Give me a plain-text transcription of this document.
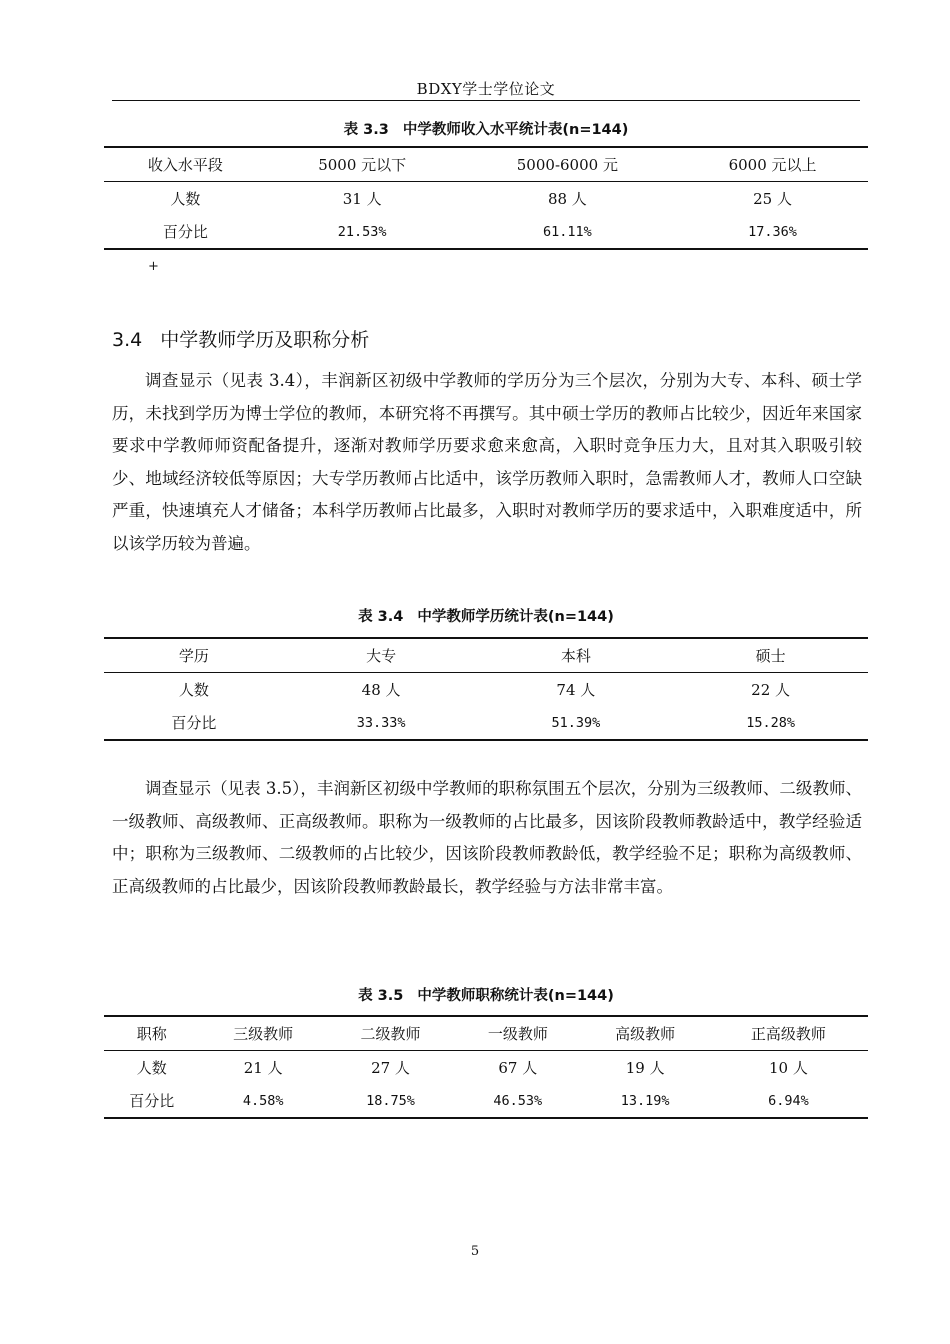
BDXY学士学位论文
表 3.3 中学教师收入水平统计表(n=144)
收入水平段	5000 元以下	5000-6000 元	6000 元以上
人数	31 人	88 人	25 人
百分比	21.53%	61.11%	17.36%
+
3.4 中学教师学历及职称分析

调查显示（见表 3.4），丰润新区初级中学教师的学历分为三个层次，分别为大专、本科、硕士学历，未找到学历为博士学位的教师，本研究将不再撰写。其中硕士学历的教师占比较少，因近年来国家要求中学教师师资配备提升，逐渐对教师学历要求愈来愈高，入职时竞争压力大，且对其入职吸引较少、地域经济较低等原因；大专学历教师占比适中，该学历教师入职时，急需教师人才，教师人口空缺严重，快速填充人才储备；本科学历教师占比最多，入职时对教师学历的要求适中，入职难度适中，所以该学历较为普遍。

表 3.4 中学教师学历统计表(n=144)
学历	大专	本科	硕士
人数	48 人	74 人	22 人
百分比	33.33%	51.39%	15.28%

调查显示（见表 3.5），丰润新区初级中学教师的职称氛围五个层次，分别为三级教师、二级教师、一级教师、高级教师、正高级教师。职称为一级教师的占比最多，因该阶段教师教龄适中，教学经验适中；职称为三级教师、二级教师的占比较少，因该阶段教师教龄低，教学经验不足；职称为高级教师、正高级教师的占比最少，因该阶段教师教龄最长，教学经验与方法非常丰富。

表 3.5 中学教师职称统计表(n=144)
职称	三级教师	二级教师	一级教师	高级教师	正高级教师
人数	21 人	27 人	67 人	19 人	10 人
百分比	4.58%	18.75%	46.53%	13.19%	6.94%
5
